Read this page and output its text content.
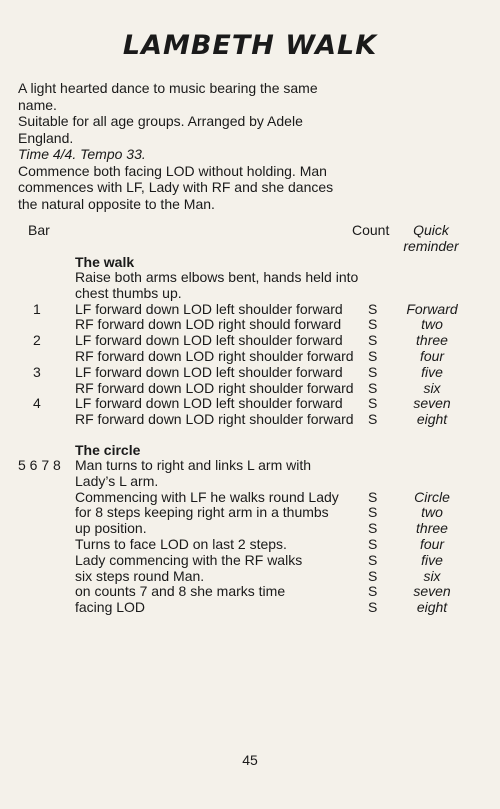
LAMBETH WALK

A light hearted dance to music bearing the same

name.

Suitable for all age groups. Arranged by Adele

England.

Time 4/4. Tempo 33.

Commence both facing LOD without holding. Man

commences with LF, Lady with RF and she dances

the natural opposite to the Man.

Bar	Count	Quick
reminder
The walk
Raise both arms elbows bent, hands held into
chest thumbs up.
1	LF forward down LOD left shoulder forward S	Forward
RF forward down LOD right should forward S	two
2	LF forward down LOD left shoulder forward S	three
RF forward down LOD right shoulder forward S	four
3	LF forward down LOD left shoulder forward S	five
RF forward down LOD right shoulder forward S	six
4	LF forward down LOD left shoulder forward S	seven
RF forward down LOD right shoulder forward S	eight
The circle
5 6 7 8	Man turns to right and links L arm with
Lady’s L arm.
Commencing with LF he walks round Lady S	Circle
for 8 steps keeping right arm in a thumbs	S	two
up position.	S	three
Turns to face LOD on last 2 steps.	S	four
Lady commencing with the RF walks	S	five
six steps round Man.	S	six
on counts 7 and 8 she marks time	S	seven
facing LOD	S	eight
45
